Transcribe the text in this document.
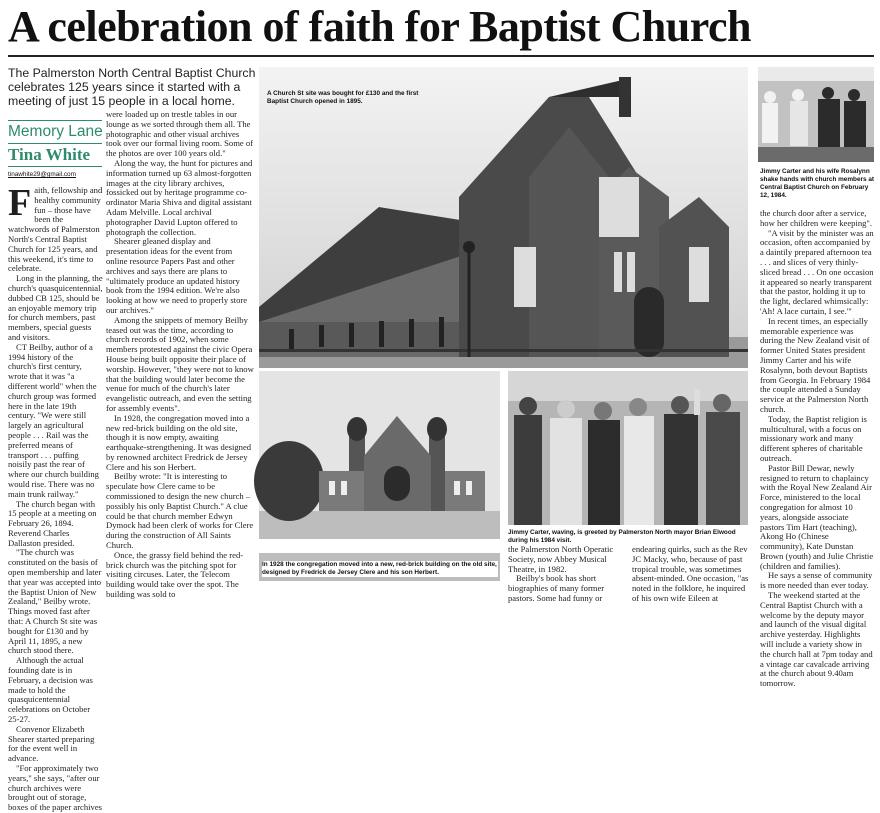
A celebration of faith for Baptist Church
The Palmerston North Central Baptist Church celebrates 125 years since it started with a meeting of just 15 people in a local home.
Memory Lane
Tina White
tinawhite29@gmail.com

Faith, fellowship and healthy community fun – those have been the watchwords of Palmerston North's Central Baptist Church for 125 years, and this weekend, it's time to celebrate.

Long in the planning, the church's quasquicentennial, dubbed CB 125, should be an enjoyable memory trip for church members, past members, special guests and visitors.

CT Beilby, author of a 1994 history of the church's first century, wrote that it was "a different world" when the church group was formed here in the late 19th century. "We were still largely an agricultural people . . . Rail was the preferred means of transport . . . puffing noisily past the rear of where our church building would rise. There was no main trunk railway."

The church began with 15 people at a meeting on February 26, 1894. Reverend Charles Dallaston presided.

"The church was constituted on the basis of open membership and later that year was accepted into the Baptist Union of New Zealand," Beilby wrote. Things moved fast after that: A Church St site was bought for £130 and by April 11, 1895, a new church stood there.

Although the actual founding date is in February, a decision was made to hold the quasquicentennial celebrations on October 25-27.

Convenor Elizabeth Shearer started preparing for the event well in advance.

"For approximately two years," she says, "after our church archives were brought out of storage, boxes of the paper archives

were loaded up on trestle tables in our lounge as we sorted through them all. The photographic and other visual archives took over our formal living room. Some of the photos are over 100 years old."

Along the way, the hunt for pictures and information turned up 63 almost-forgotten images at the city library archives, fossicked out by heritage programme co-ordinator Maria Shiva and digital assistant Adam Melville. Local archival photographer David Lupton offered to photograph the collection.

Shearer gleaned display and presentation ideas for the event from online resource Papers Past and other archives and says there are plans to "ultimately produce an updated history book from the 1994 edition. We're also looking at how we need to properly store our archives."

Among the snippets of memory Beilby teased out was the time, according to church records of 1902, when some members protested against the civic Opera House being built opposite their place of worship. However, "they were not to know that the building would later become the venue for much of the church's later evangelistic outreach, and even the setting for assembly events".

In 1928, the congregation moved into a new red-brick building on the old site, though it is now empty, awaiting earthquake-strengthening. It was designed by renowned architect Fredrick de Jersey Clere and his son Herbert.

Beilby wrote: "It is interesting to speculate how Clere came to be commissioned to design the new church – possibly his only Baptist Church." A clue could be that church member Edwyn Dymock had been clerk of works for Clere during the construction of All Saints Church.

Once, the grassy field behind the red-brick church was the pitching spot for visiting circuses. Later, the Telecom building would take over the spot. The building was sold to

A Church St site was bought for £130 and the first Baptist Church opened in 1895.
Jimmy Carter and his wife Rosalynn shake hands with church members at Central Baptist Church on February 12, 1984.

the church door after a service, how her children were keeping".

"A visit by the minister was an occasion, often accompanied by a daintily prepared afternoon tea . . . and slices of very thinly-sliced bread . . . On one occasion it appeared so nearly transparent that the pastor, holding it up to the light, declared whimsically: 'Ah! A lace curtain, I see.'"

In recent times, an especially memorable experience was during the New Zealand visit of former United States president Jimmy Carter and his wife Rosalynn, both devout Baptists from Georgia. In February 1984 the couple attended a Sunday service at the Palmerston North church.

Today, the Baptist religion is multicultural, with a focus on missionary work and many different spheres of charitable outreach.

Pastor Bill Dewar, newly resigned to return to chaplaincy with the Royal New Zealand Air Force, ministered to the local congregation for almost 10 years, alongside associate pastors Tim Hart (teaching), Akong Ho (Chinese community), Kate Dunstan Brown (youth) and Julie Christie (children and families).

He says a sense of community is more needed than ever today.

The weekend started at the Central Baptist Church with a welcome by the deputy mayor and launch of the visual digital archive yesterday. Highlights will include a variety show in the church hall at 7pm today and a vintage car cavalcade arriving at the church about 9.40am tomorrow.

In 1928 the congregation moved into a new, red-brick building on the old site, designed by Fredrick de Jersey Clere and his son Herbert.
Jimmy Carter, waving, is greeted by Palmerston North mayor Brian Elwood during his 1984 visit.

the Palmerston North Operatic Society, now Abbey Musical Theatre, in 1982.

Beilby's book has short biographies of many former pastors. Some had funny or

endearing quirks, such as the Rev JC Macky, who, because of past tropical trouble, was sometimes absent-minded. One occasion, "as noted in the folklore, he inquired of his own wife Eileen at
